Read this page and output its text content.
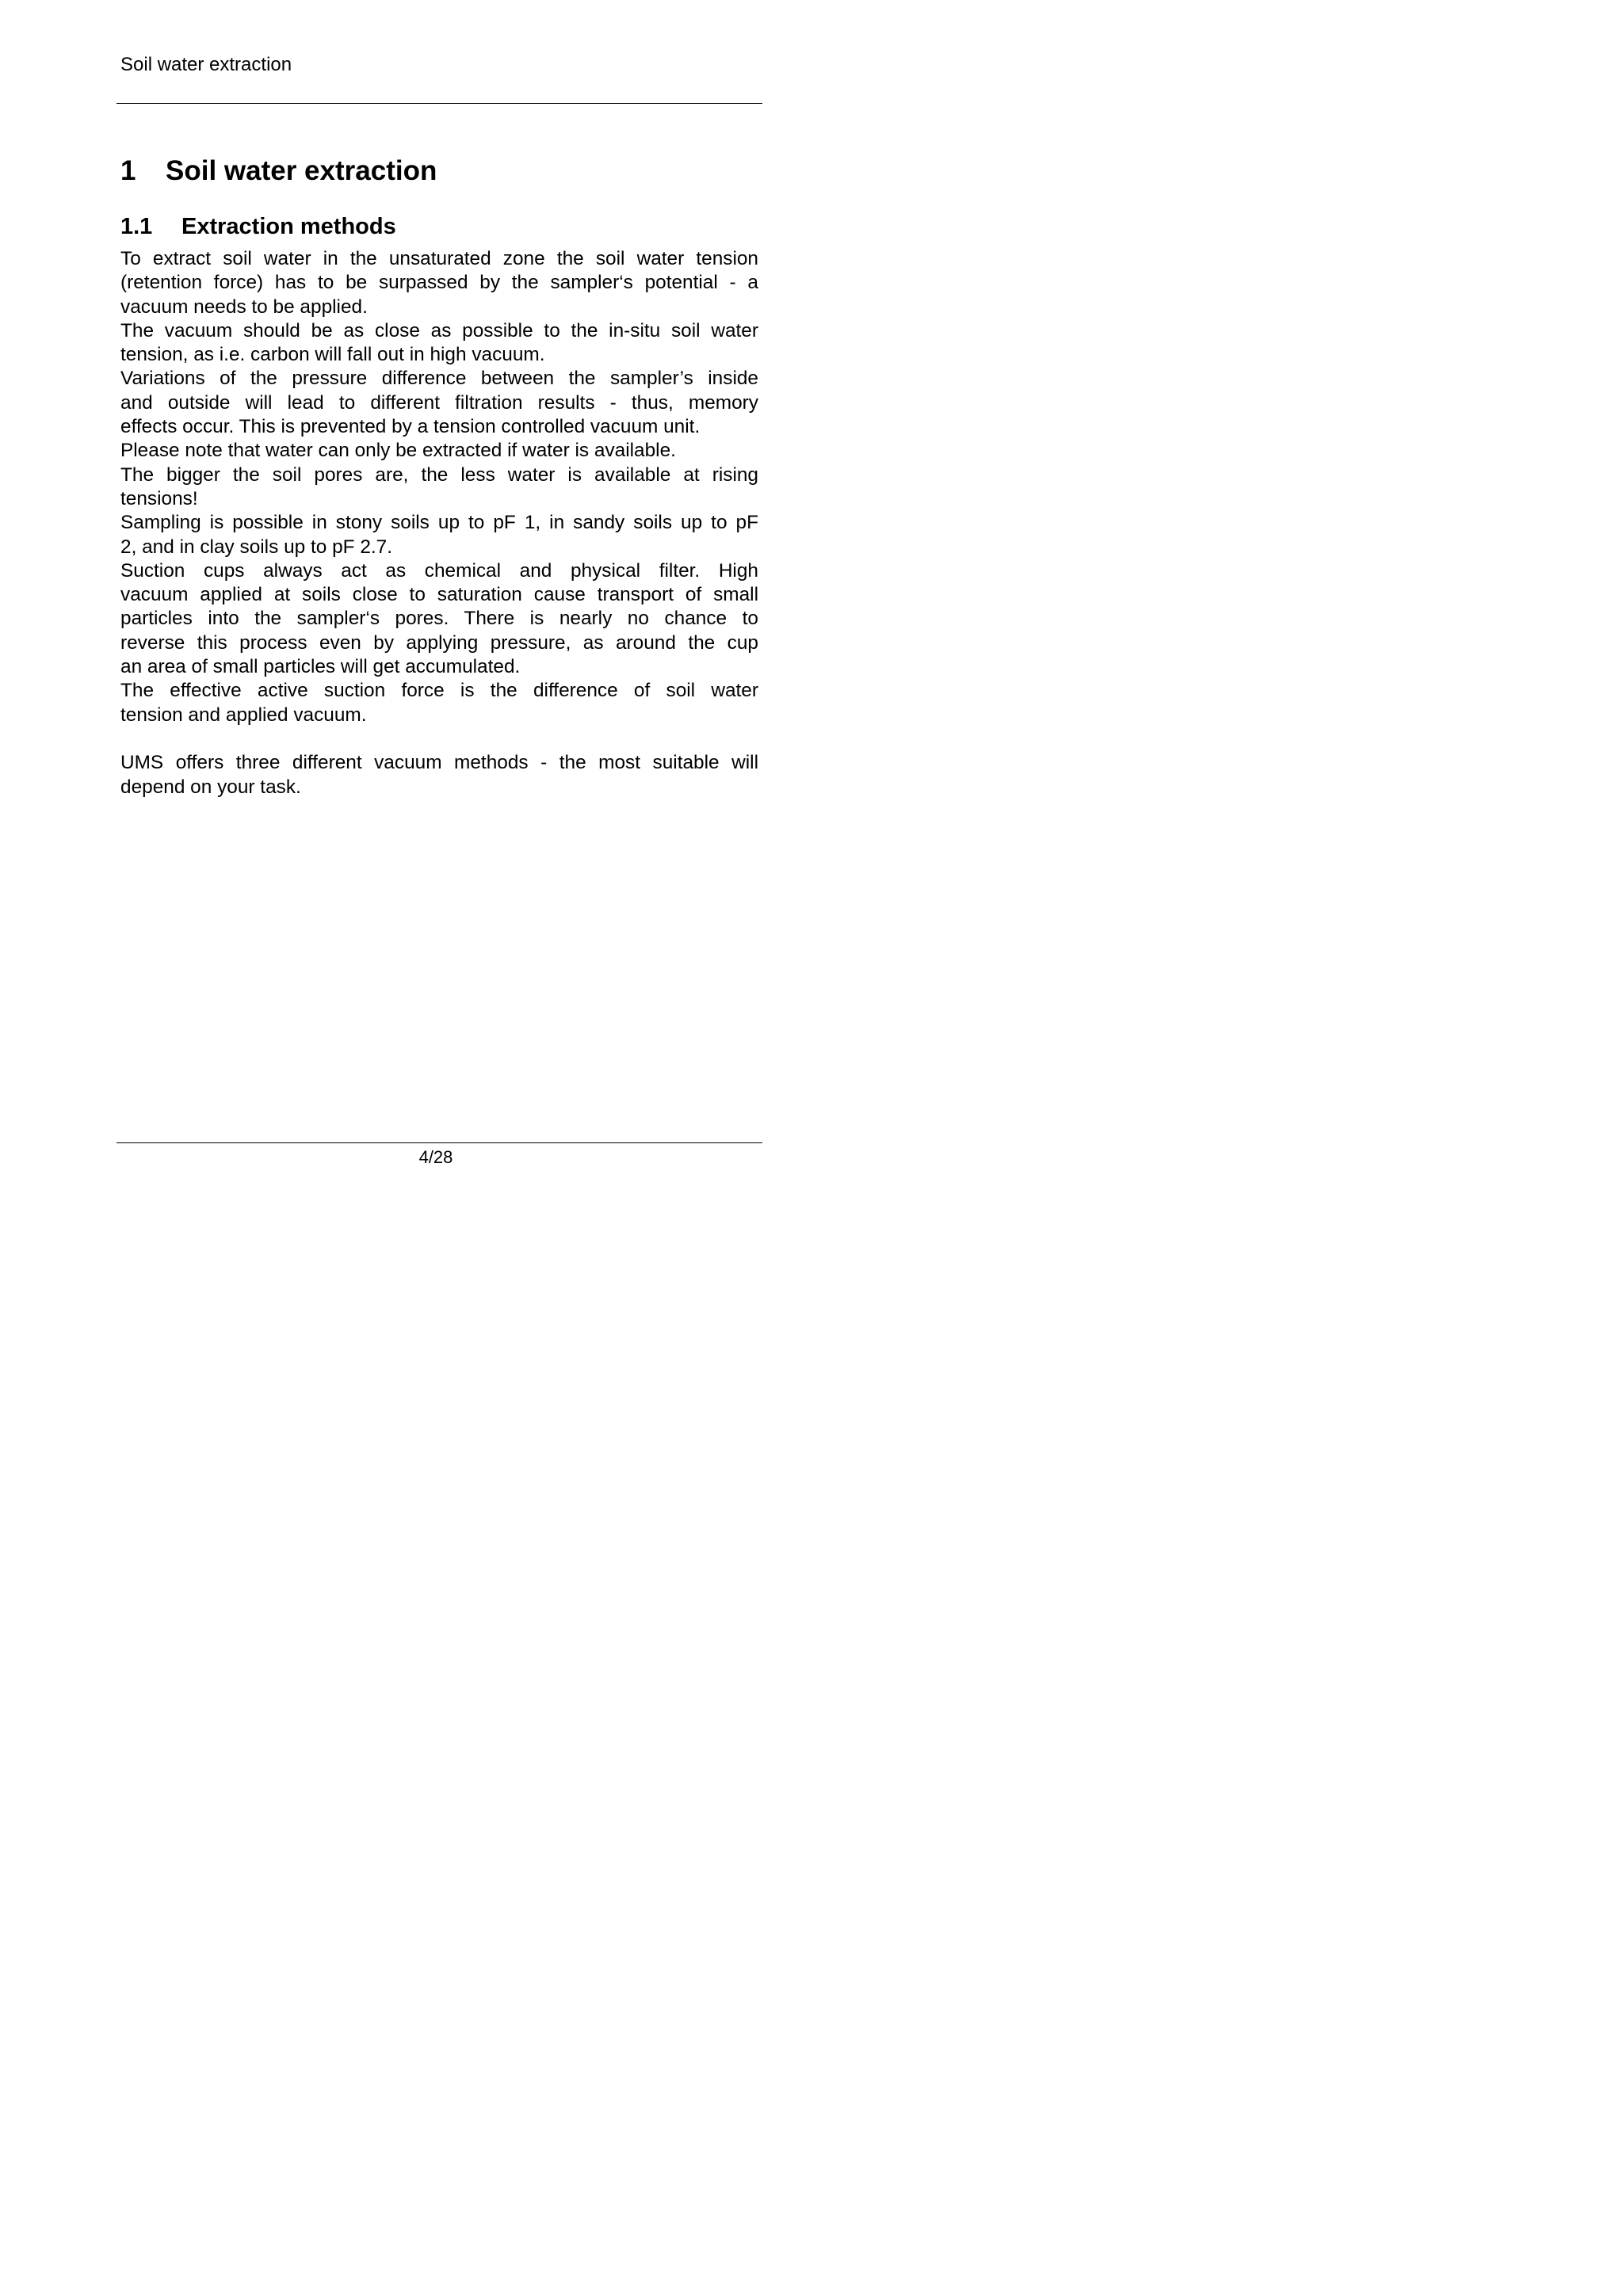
Soil water extraction
1 Soil water extraction
1.1 Extraction methods
To extract soil water in the unsaturated zone the soil water tension
(retention force) has to be surpassed by the sampler‘s potential - a
vacuum needs to be applied.
The vacuum should be as close as possible to the in-situ soil water
tension, as i.e. carbon will fall out in high vacuum.
Variations of the pressure difference between the sampler’s inside
and outside will lead to different filtration results - thus, memory
effects occur. This is prevented by a tension controlled vacuum unit.
Please note that water can only be extracted if water is available.
The bigger the soil pores are, the less water is available at rising
tensions!
Sampling is possible in stony soils up to pF 1, in sandy soils up to pF
2, and in clay soils up to pF 2.7.
Suction cups always act as chemical and physical filter. High
vacuum applied at soils close to saturation cause transport of small
particles into the sampler‘s pores. There is nearly no chance to
reverse this process even by applying pressure, as around the cup
an area of small particles will get accumulated.
The effective active suction force is the difference of soil water
tension and applied vacuum.
UMS offers three different vacuum methods - the most suitable will
depend on your task.
4/28
